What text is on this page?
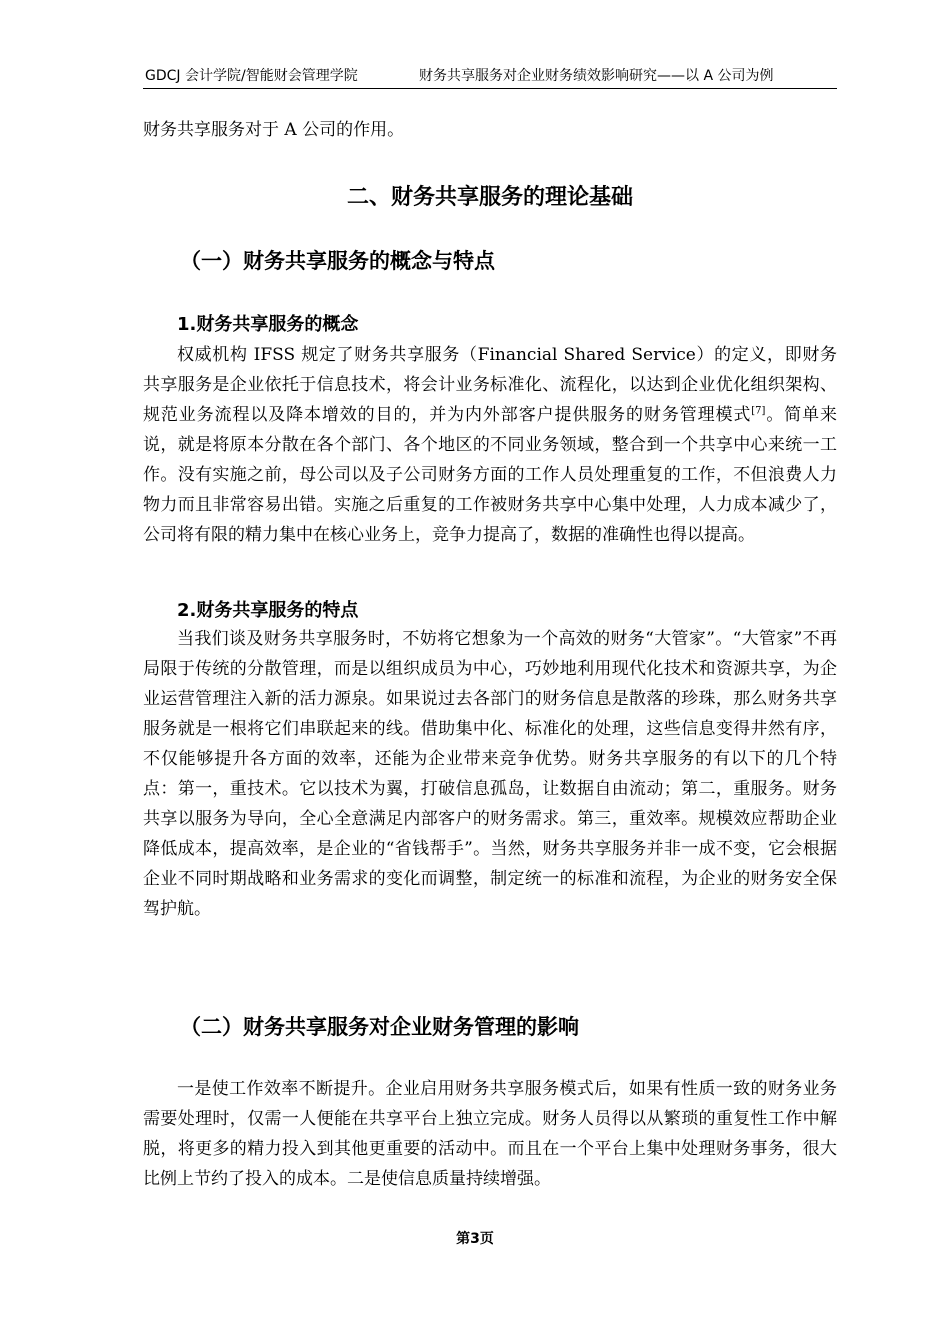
GDCJ 会计学院/智能财会管理学院	财务共享服务对企业财务绩效影响研究——以 A 公司为例

财务共享服务对于 A 公司的作用。

二、财务共享服务的理论基础
（一）财务共享服务的概念与特点
1.财务共享服务的概念

权威机构 IFSS 规定了财务共享服务（Financial Shared Service）的定义，即财务共享服务是企业依托于信息技术，将会计业务标准化、流程化，以达到企业优化组织架构、规范业务流程以及降本增效的目的，并为内外部客户提供服务的财务管理模式[7]。简单来说，就是将原本分散在各个部门、各个地区的不同业务领域，整合到一个共享中心来统一工作。没有实施之前，母公司以及子公司财务方面的工作人员处理重复的工作，不但浪费人力物力而且非常容易出错。实施之后重复的工作被财务共享中心集中处理，人力成本减少了，公司将有限的精力集中在核心业务上，竞争力提高了，数据的准确性也得以提高。

2.财务共享服务的特点

当我们谈及财务共享服务时，不妨将它想象为一个高效的财务“大管家”。“大管家”不再局限于传统的分散管理，而是以组织成员为中心，巧妙地利用现代化技术和资源共享，为企业运营管理注入新的活力源泉。如果说过去各部门的财务信息是散落的珍珠，那么财务共享服务就是一根将它们串联起来的线。借助集中化、标准化的处理，这些信息变得井然有序，不仅能够提升各方面的效率，还能为企业带来竞争优势。财务共享服务的有以下的几个特点：第一，重技术。它以技术为翼，打破信息孤岛，让数据自由流动；第二，重服务。财务共享以服务为导向，全心全意满足内部客户的财务需求。第三，重效率。规模效应帮助企业降低成本，提高效率，是企业的“省钱帮手”。当然，财务共享服务并非一成不变，它会根据企业不同时期战略和业务需求的变化而调整，制定统一的标准和流程，为企业的财务安全保驾护航。

（二）财务共享服务对企业财务管理的影响

一是使工作效率不断提升。企业启用财务共享服务模式后，如果有性质一致的财务业务需要处理时，仅需一人便能在共享平台上独立完成。财务人员得以从繁琐的重复性工作中解脱，将更多的精力投入到其他更重要的活动中。而且在一个平台上集中处理财务事务，很大比例上节约了投入的成本。二是使信息质量持续增强。

第3页
